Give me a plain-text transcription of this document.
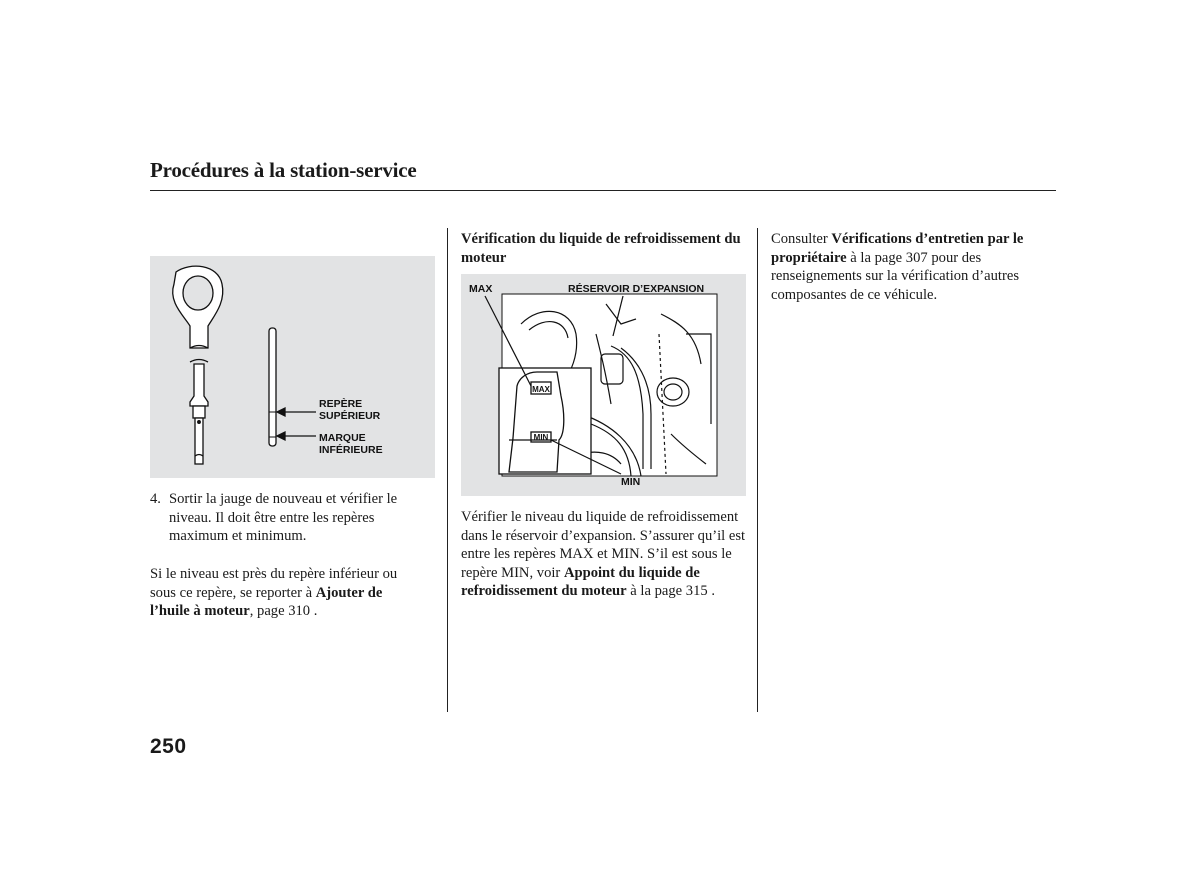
Procédures à la station-service
REPÈRE
SUPÉRIEUR
MARQUE
INFÉRIEURE
4. Sortir la jauge de nouveau et vérifier le niveau. Il doit être entre les repères maximum et minimum.
Si le niveau est près du repère inférieur ou sous ce repère, se reporter à Ajouter de l’huile à moteur, page 310 .
Vérification du liquide de refroidissement du moteur
MAX
MIN
MAX	RÉSERVOIR D’EXPANSION
MIN
Vérifier le niveau du liquide de refroidissement dans le réservoir d’expansion. S’assurer qu’il est entre les repères MAX et MIN. S’il est sous le repère MIN, voir Appoint du liquide de refroidissement du moteur à la page 315 .
Consulter Vérifications d’entretien par le propriétaire à la page 307 pour des renseignements sur la vérification d’autres composantes de ce véhicule.
250
